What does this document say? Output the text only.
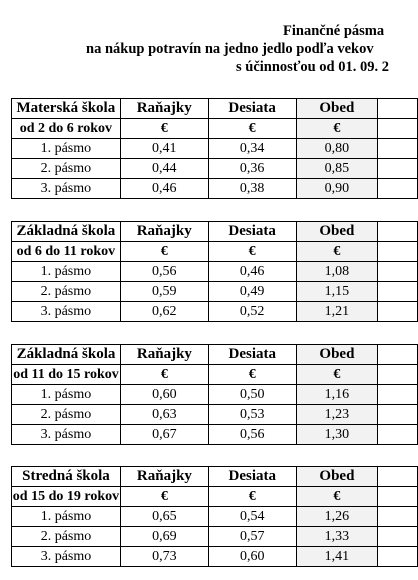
Finančné pásma
na nákup potravín na jedno jedlo podľa vekov
s účinnosťou od 01. 09. 2
Materská škola	Raňajky	Desiata	Obed	
od 2 do 6 rokov	€	€	€	
1. pásmo	0,41	0,34	0,80	
2. pásmo	0,44	0,36	0,85	
3. pásmo	0,46	0,38	0,90	
Základná škola	Raňajky	Desiata	Obed	
od 6 do 11 rokov	€	€	€	
1. pásmo	0,56	0,46	1,08	
2. pásmo	0,59	0,49	1,15	
3. pásmo	0,62	0,52	1,21	
Základná škola	Raňajky	Desiata	Obed	
od 11 do 15 rokov	€	€	€	
1. pásmo	0,60	0,50	1,16	
2. pásmo	0,63	0,53	1,23	
3. pásmo	0,67	0,56	1,30	
Stredná škola	Raňajky	Desiata	Obed	
od 15 do 19 rokov	€	€	€	
1. pásmo	0,65	0,54	1,26	
2. pásmo	0,69	0,57	1,33	
3. pásmo	0,73	0,60	1,41	
